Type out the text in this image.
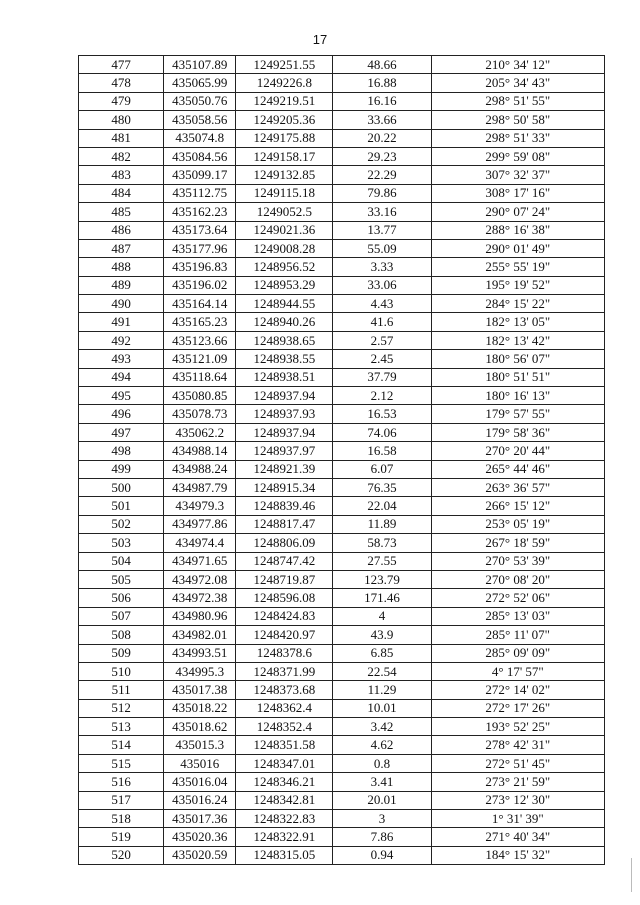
17
477	435107.89	1249251.55	48.66	210° 34' 12"
478	435065.99	1249226.8	16.88	205° 34' 43"
479	435050.76	1249219.51	16.16	298° 51' 55"
480	435058.56	1249205.36	33.66	298° 50' 58"
481	435074.8	1249175.88	20.22	298° 51' 33"
482	435084.56	1249158.17	29.23	299° 59' 08"
483	435099.17	1249132.85	22.29	307° 32' 37"
484	435112.75	1249115.18	79.86	308° 17' 16"
485	435162.23	1249052.5	33.16	290° 07' 24"
486	435173.64	1249021.36	13.77	288° 16' 38"
487	435177.96	1249008.28	55.09	290° 01' 49"
488	435196.83	1248956.52	3.33	255° 55' 19"
489	435196.02	1248953.29	33.06	195° 19' 52"
490	435164.14	1248944.55	4.43	284° 15' 22"
491	435165.23	1248940.26	41.6	182° 13' 05"
492	435123.66	1248938.65	2.57	182° 13' 42"
493	435121.09	1248938.55	2.45	180° 56' 07"
494	435118.64	1248938.51	37.79	180° 51' 51"
495	435080.85	1248937.94	2.12	180° 16' 13"
496	435078.73	1248937.93	16.53	179° 57' 55"
497	435062.2	1248937.94	74.06	179° 58' 36"
498	434988.14	1248937.97	16.58	270° 20' 44"
499	434988.24	1248921.39	6.07	265° 44' 46"
500	434987.79	1248915.34	76.35	263° 36' 57"
501	434979.3	1248839.46	22.04	266° 15' 12"
502	434977.86	1248817.47	11.89	253° 05' 19"
503	434974.4	1248806.09	58.73	267° 18' 59"
504	434971.65	1248747.42	27.55	270° 53' 39"
505	434972.08	1248719.87	123.79	270° 08' 20"
506	434972.38	1248596.08	171.46	272° 52' 06"
507	434980.96	1248424.83	4	285° 13' 03"
508	434982.01	1248420.97	43.9	285° 11' 07"
509	434993.51	1248378.6	6.85	285° 09' 09"
510	434995.3	1248371.99	22.54	4° 17' 57"
511	435017.38	1248373.68	11.29	272° 14' 02"
512	435018.22	1248362.4	10.01	272° 17' 26"
513	435018.62	1248352.4	3.42	193° 52' 25"
514	435015.3	1248351.58	4.62	278° 42' 31"
515	435016	1248347.01	0.8	272° 51' 45"
516	435016.04	1248346.21	3.41	273° 21' 59"
517	435016.24	1248342.81	20.01	273° 12' 30"
518	435017.36	1248322.83	3	1° 31' 39"
519	435020.36	1248322.91	7.86	271° 40' 34"
520	435020.59	1248315.05	0.94	184° 15' 32"
